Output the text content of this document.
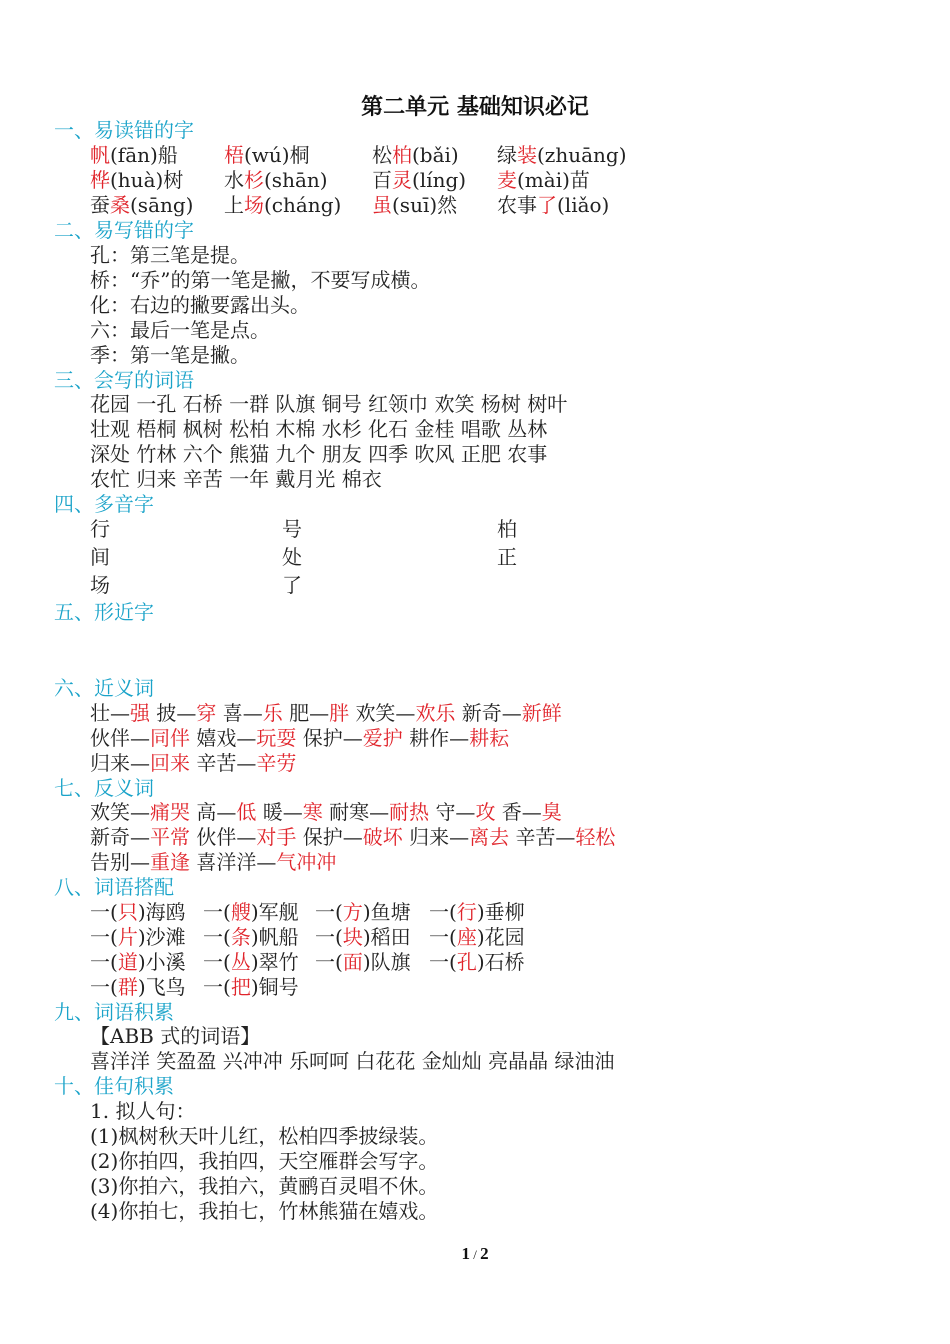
第二单元 基础知识必记
一、易读错的字
帆(fān)船 梧(wú)桐	松柏(bǎi) 绿装(zhuāng)
桦(huà)树 水杉(shān) 百灵(líng) 麦(mài)苗
蚕桑(sāng) 上场(cháng) 虽(suī)然 农事了(liǎo)
二、易写错的字
孔：第三笔是提。
桥：“乔”的第一笔是撇，不要写成横。
化：右边的撇要露出头。
六：最后一笔是点。
季：第一笔是撇。
三、会写的词语
花园 一孔 石桥 一群 队旗 铜号 红领巾 欢笑 杨树 树叶
壮观 梧桐 枫树 松柏 木棉 水杉 化石 金桂 唱歌 丛林
深处 竹林 六个 熊猫 九个 朋友 四季 吹风 正肥 农事
农忙 归来 辛苦 一年 戴月光 棉衣
四、多音字
行	号	柏
间	处	正
场	了
五、形近字
六、近义词
壮—强 披—穿 喜—乐 肥—胖 欢笑—欢乐 新奇—新鲜
伙伴—同伴 嬉戏—玩耍 保护—爱护 耕作—耕耘
归来—回来 辛苦—辛劳
七、反义词
欢笑—痛哭 高—低 暖—寒 耐寒—耐热 守—攻 香—臭
新奇—平常 伙伴—对手 保护—破坏 归来—离去 辛苦—轻松
告别—重逢 喜洋洋—气冲冲
八、词语搭配
一(只)海鸥 一(艘)军舰 一(方)鱼塘 一(行)垂柳
一(片)沙滩 一(条)帆船 一(块)稻田 一(座)花园
一(道)小溪 一(丛)翠竹 一(面)队旗 一(孔)石桥
一(群)飞鸟 一(把)铜号
九、词语积累
【ABB 式的词语】
喜洋洋 笑盈盈 兴冲冲 乐呵呵 白花花 金灿灿 亮晶晶 绿油油
十、佳句积累
1. 拟人句：
(1)枫树秋天叶儿红，松柏四季披绿装。
(2)你拍四，我拍四，天空雁群会写字。
(3)你拍六，我拍六，黄鹂百灵唱不休。
(4)你拍七，我拍七，竹林熊猫在嬉戏。
1 / 2
